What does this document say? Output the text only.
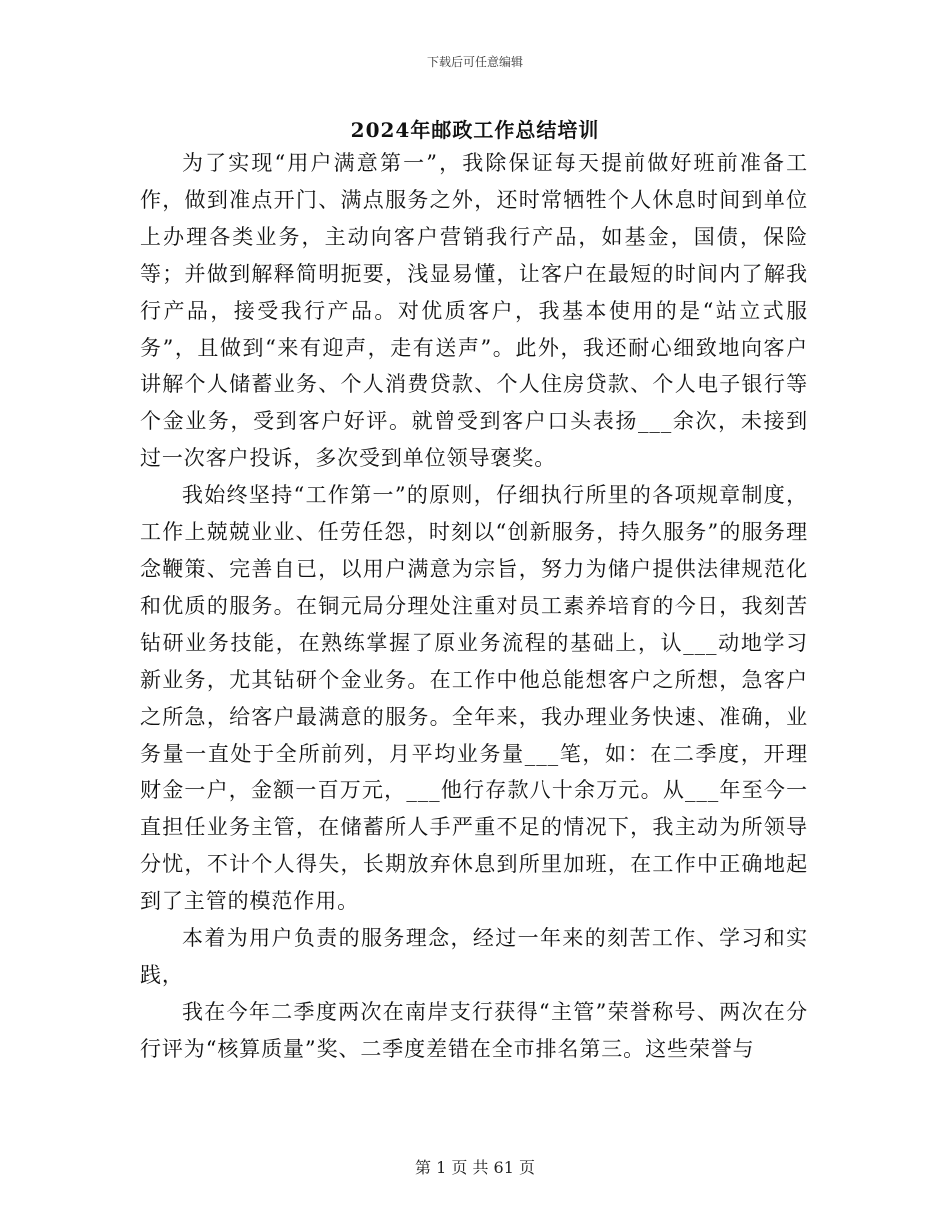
下载后可任意编辑
2024年邮政工作总结培训

为了实现“用户满意第一”，我除保证每天提前做好班前准备工作，做到准点开门、满点服务之外，还时常牺牲个人休息时间到单位上办理各类业务，主动向客户营销我行产品，如基金，国债，保险等；并做到解释简明扼要，浅显易懂，让客户在最短的时间内了解我行产品，接受我行产品。对优质客户，我基本使用的是“站立式服务”，且做到“来有迎声，走有送声”。此外，我还耐心细致地向客户讲解个人储蓄业务、个人消费贷款、个人住房贷款、个人电子银行等个金业务，受到客户好评。就曾受到客户口头表扬___余次，未接到过一次客户投诉，多次受到单位领导褒奖。

我始终坚持“工作第一”的原则，仔细执行所里的各项规章制度，工作上兢兢业业、任劳任怨，时刻以“创新服务，持久服务”的服务理念鞭策、完善自已，以用户满意为宗旨，努力为储户提供法律规范化和优质的服务。在铜元局分理处注重对员工素养培育的今日，我刻苦钻研业务技能，在熟练掌握了原业务流程的基础上，认___动地学习新业务，尤其钻研个金业务。在工作中他总能想客户之所想，急客户之所急，给客户最满意的服务。全年来，我办理业务快速、准确，业务量一直处于全所前列，月平均业务量___笔，如：在二季度，开理财金一户，金额一百万元，___他行存款八十余万元。从___年至今一直担任业务主管，在储蓄所人手严重不足的情况下，我主动为所领导分忧，不计个人得失，长期放弃休息到所里加班，在工作中正确地起到了主管的模范作用。

本着为用户负责的服务理念，经过一年来的刻苦工作、学习和实践，

我在今年二季度两次在南岸支行获得“主管”荣誉称号、两次在分行评为“核算质量”奖、二季度差错在全市排名第三。这些荣誉与

第 1 页 共 61 页
